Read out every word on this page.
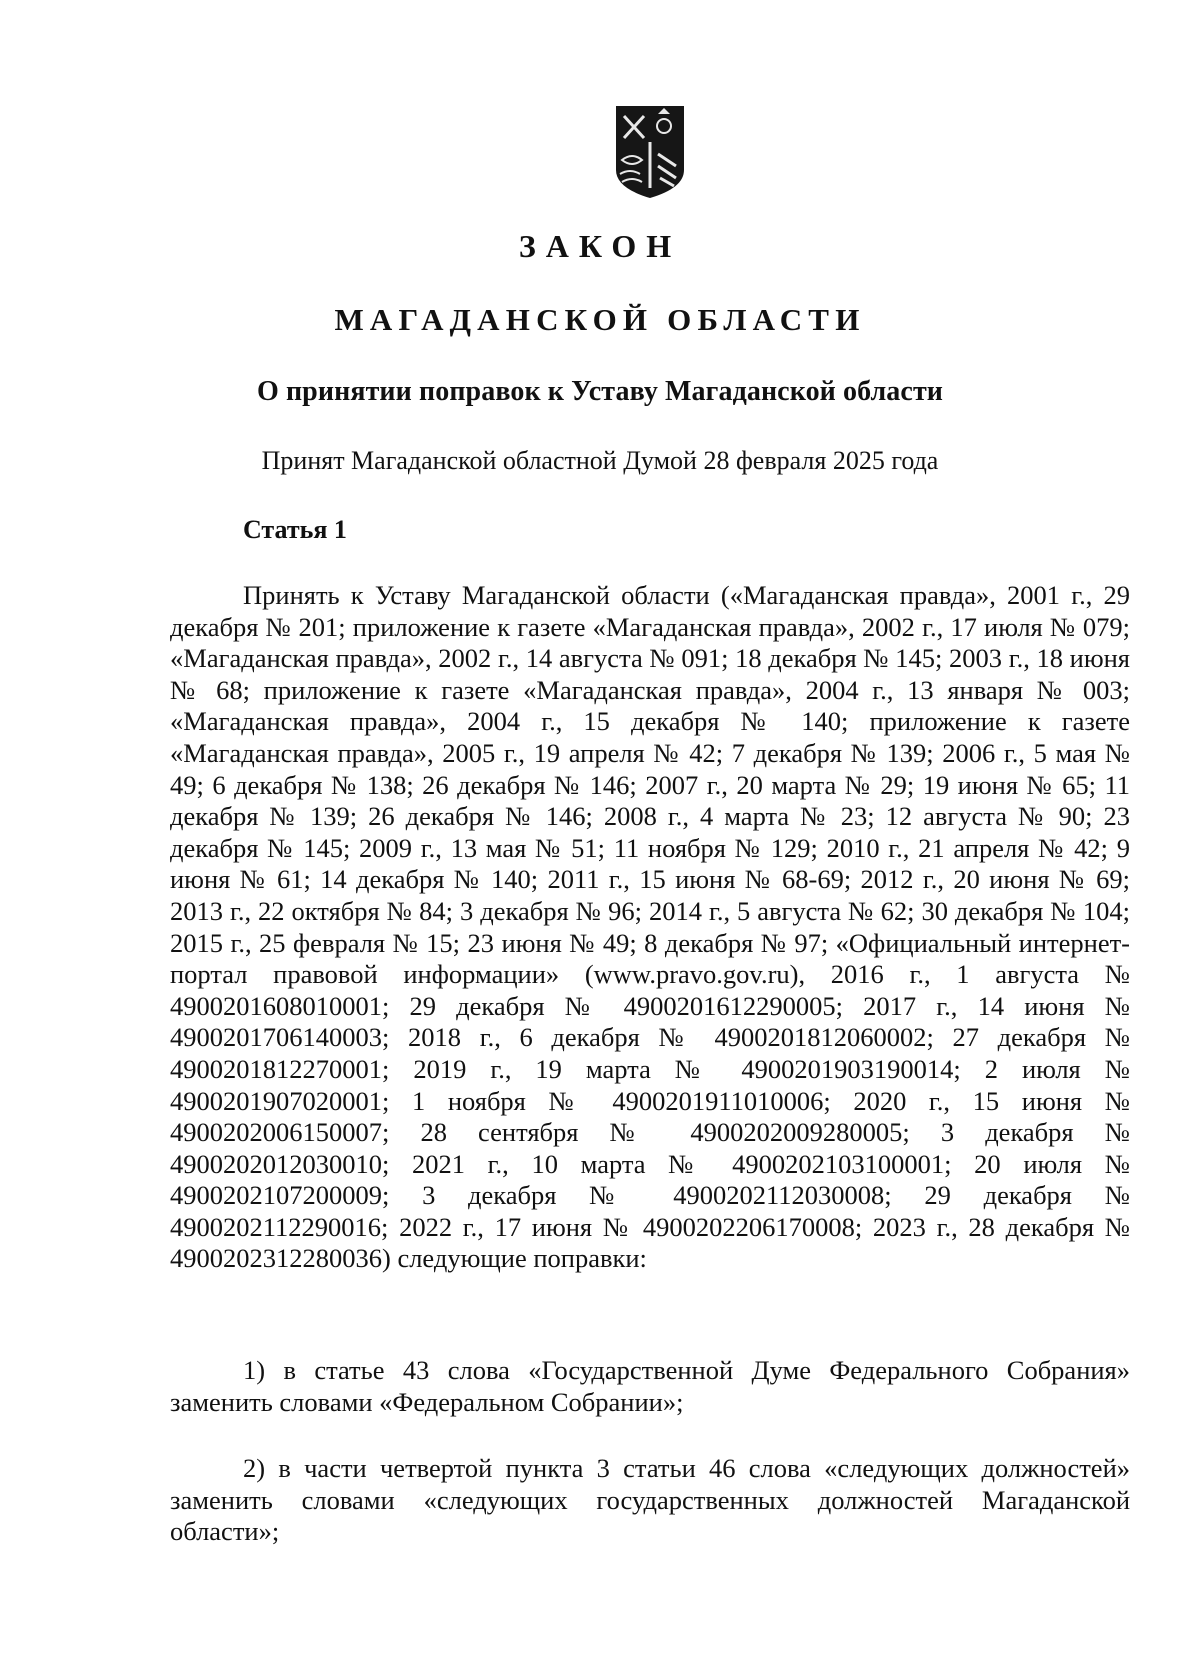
ЗАКОН
МАГАДАНСКОЙ ОБЛАСТИ
О принятии поправок к Уставу Магаданской области

Принят Магаданской областной Думой 28 февраля 2025 года

Статья 1

Принять к Уставу Магаданской области («Магаданская правда», 2001 г., 29 декабря № 201; приложение к газете «Магаданская правда», 2002 г., 17 июля № 079; «Магаданская правда», 2002 г., 14 августа № 091; 18 декабря № 145; 2003 г., 18 июня № 68; приложение к газете «Магаданская правда», 2004 г., 13 января № 003; «Магаданская правда», 2004 г., 15 декабря № 140; приложение к газете «Магаданская правда», 2005 г., 19 апреля № 42; 7 декабря № 139; 2006 г., 5 мая № 49; 6 декабря № 138; 26 декабря № 146; 2007 г., 20 марта № 29; 19 июня № 65; 11 декабря № 139; 26 декабря № 146; 2008 г., 4 марта № 23; 12 августа № 90; 23 декабря № 145; 2009 г., 13 мая № 51; 11 ноября № 129; 2010 г., 21 апреля № 42; 9 июня № 61; 14 декабря № 140; 2011 г., 15 июня № 68-69; 2012 г., 20 июня № 69; 2013 г., 22 октября № 84; 3 декабря № 96; 2014 г., 5 августа № 62; 30 декабря № 104; 2015 г., 25 февраля № 15; 23 июня № 49; 8 декабря № 97; «Официальный интернет-портал правовой информации» (www.pravo.gov.ru), 2016 г., 1 августа № 4900201608010001; 29 декабря № 4900201612290005; 2017 г., 14 июня № 4900201706140003; 2018 г., 6 декабря № 4900201812060002; 27 декабря № 4900201812270001; 2019 г., 19 марта № 4900201903190014; 2 июля № 4900201907020001; 1 ноября № 4900201911010006; 2020 г., 15 июня № 4900202006150007; 28 сентября № 4900202009280005; 3 декабря № 4900202012030010; 2021 г., 10 марта № 4900202103100001; 20 июля № 4900202107200009; 3 декабря № 4900202112030008; 29 декабря № 4900202112290016; 2022 г., 17 июня № 4900202206170008; 2023 г., 28 декабря № 4900202312280036) следующие поправки:

1) в статье 43 слова «Государственной Думе Федерального Собрания» заменить словами «Федеральном Собрании»;

2) в части четвертой пункта 3 статьи 46 слова «следующих должностей» заменить словами «следующих государственных должностей Магаданской области»;
